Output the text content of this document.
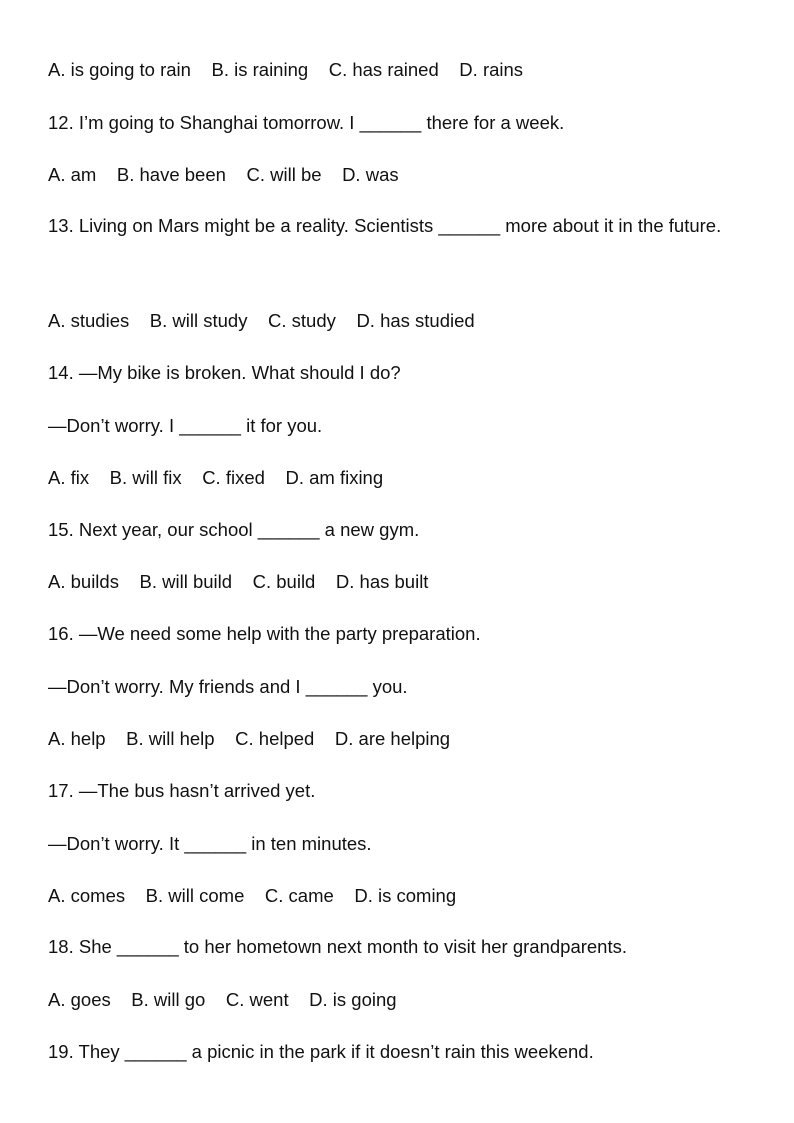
A. is going to rain    B. is raining    C. has rained    D. rains
12. I’m going to Shanghai tomorrow. I ______ there for a week.
A. am    B. have been    C. will be    D. was
13. Living on Mars might be a reality. Scientists ______ more about it in the future.
A. studies    B. will study    C. study    D. has studied
14. —My bike is broken. What should I do?
—Don’t worry. I ______ it for you.
A. fix    B. will fix    C. fixed    D. am fixing
15. Next year, our school ______ a new gym.
A. builds    B. will build    C. build    D. has built
16. —We need some help with the party preparation.
—Don’t worry. My friends and I ______ you.
A. help    B. will help    C. helped    D. are helping
17. —The bus hasn’t arrived yet.
—Don’t worry. It ______ in ten minutes.
A. comes    B. will come    C. came    D. is coming
18. She ______ to her hometown next month to visit her grandparents.
A. goes    B. will go    C. went    D. is going
19. They ______ a picnic in the park if it doesn’t rain this weekend.
